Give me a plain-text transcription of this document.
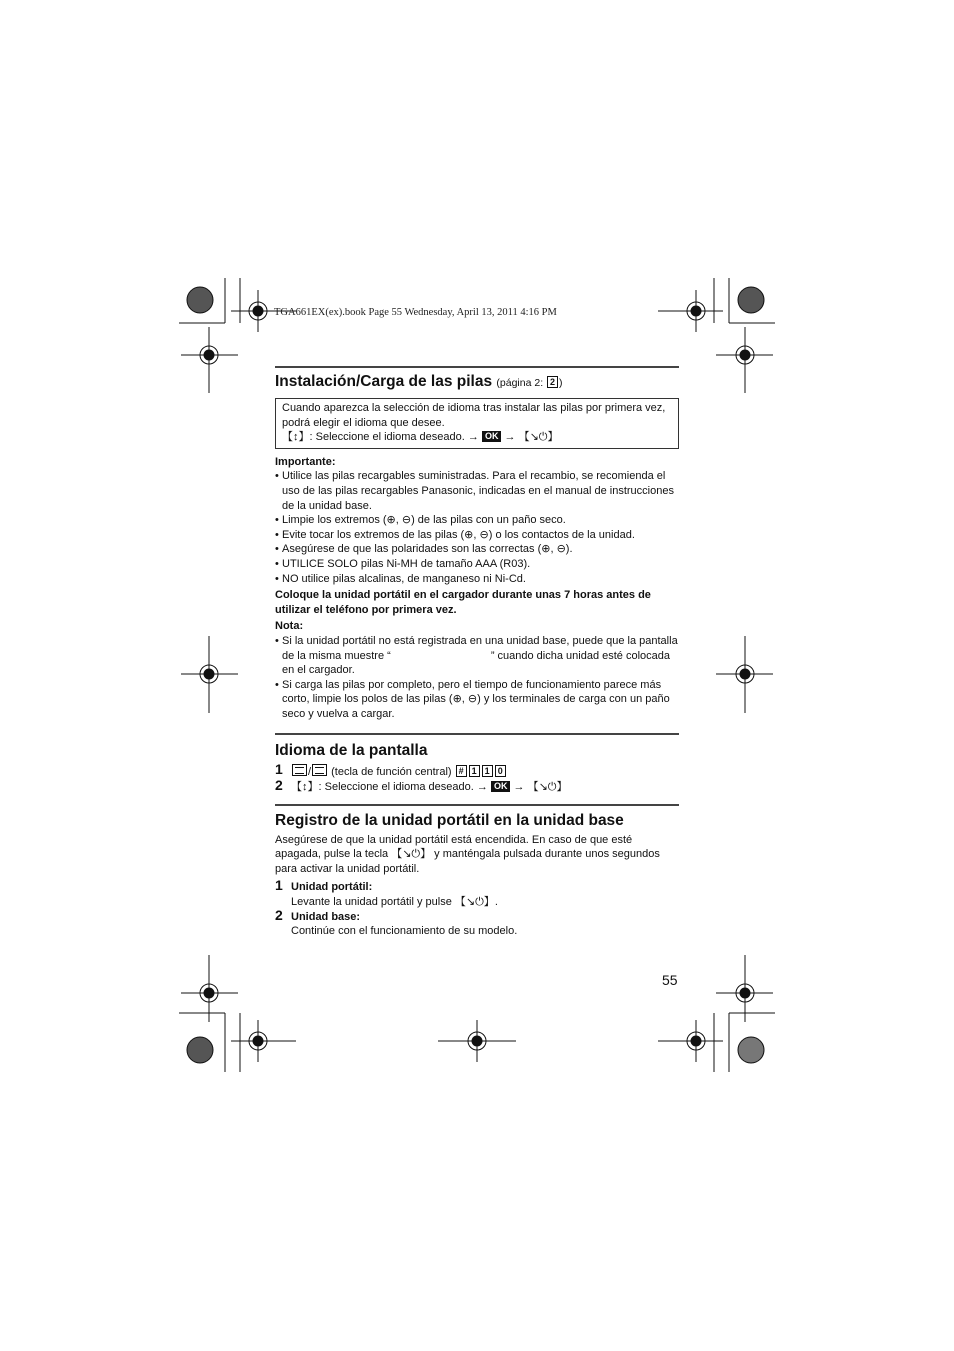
TGA661EX(ex).book Page 55 Wednesday, April 13, 2011 4:16 PM
Instalación/Carga de las pilas (página 2: 2 )

Cuando aparezca la selección de idioma tras instalar las pilas por primera vez, podrá elegir el idioma que desee.

【↕】: Seleccione el idioma deseado. → OK → 【↘⏻】

Importante:

• Utilice las pilas recargables suministradas. Para el recambio, se recomienda el uso de las pilas recargables Panasonic, indicadas en el manual de instrucciones de la unidad base.
• Limpie los extremos (⊕, ⊖) de las pilas con un paño seco.
• Evite tocar los extremos de las pilas (⊕, ⊖) o los contactos de la unidad.
• Asegúrese de que las polaridades son las correctas (⊕, ⊖).
• UTILICE SOLO pilas Ni-MH de tamaño AAA (R03).
• NO utilice pilas alcalinas, de manganeso ni Ni-Cd.

Coloque la unidad portátil en el cargador durante unas 7 horas antes de utilizar el teléfono por primera vez.

Nota:

• Si la unidad portátil no está registrada en una unidad base, puede que la pantalla de la misma muestre “	” cuando dicha unidad esté colocada en el cargador.
• Si carga las pilas por completo, pero el tiempo de funcionamiento parece más corto, limpie los polos de las pilas (⊕, ⊖) y los terminales de carga con un paño seco y vuelva a cargar.
Idioma de la pantalla
1 / (tecla de función central) # 1 1 0
2 【↕】: Seleccione el idioma deseado. → OK → 【↘⏻】
Registro de la unidad portátil en la unidad base

Asegúrese de que la unidad portátil está encendida. En caso de que esté apagada, pulse la tecla 【↘⏻】 y manténgala pulsada durante unos segundos para activar la unidad portátil.

1 Unidad portátil:

Levante la unidad portátil y pulse 【↘⏻】.

2 Unidad base:

Continúe con el funcionamiento de su modelo.

55
